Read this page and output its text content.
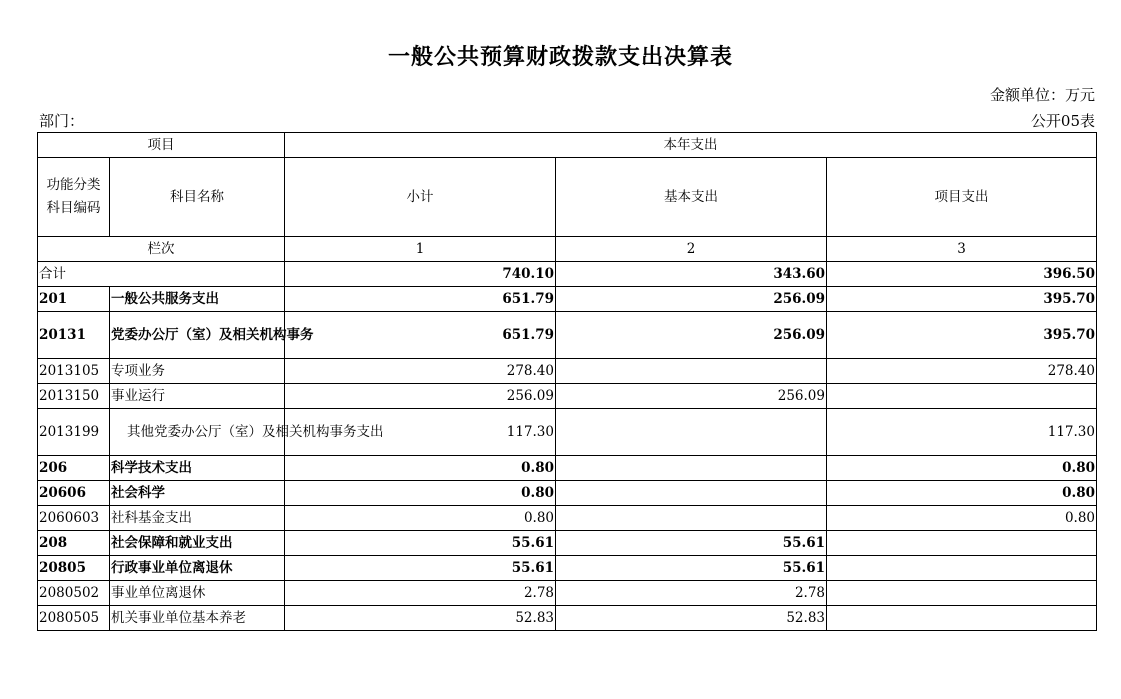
一般公共预算财政拨款支出决算表
金额单位：万元
部门：	公开05表
项目		本年支出		
功能分类
科目编码	科目名称	小计	基本支出	项目支出
栏次		1	2	3
合计		740.10	343.60	396.50
201	一般公共服务支出	651.79	256.09	395.70
20131	党委办公厅（室）及相关机构事务	651.79	256.09	395.70
2013105	专项业务	278.40		278.40
2013150	事业运行	256.09	256.09	
2013199	其他党委办公厅（室）及相关机构事务支出	117.30		117.30
206	科学技术支出	0.80		0.80
20606	社会科学	0.80		0.80
2060603	社科基金支出	0.80		0.80
208	社会保障和就业支出	55.61	55.61	
20805	行政事业单位离退休	55.61	55.61	
2080502	事业单位离退休	2.78	2.78	
2080505	机关事业单位基本养老	52.83	52.83	
